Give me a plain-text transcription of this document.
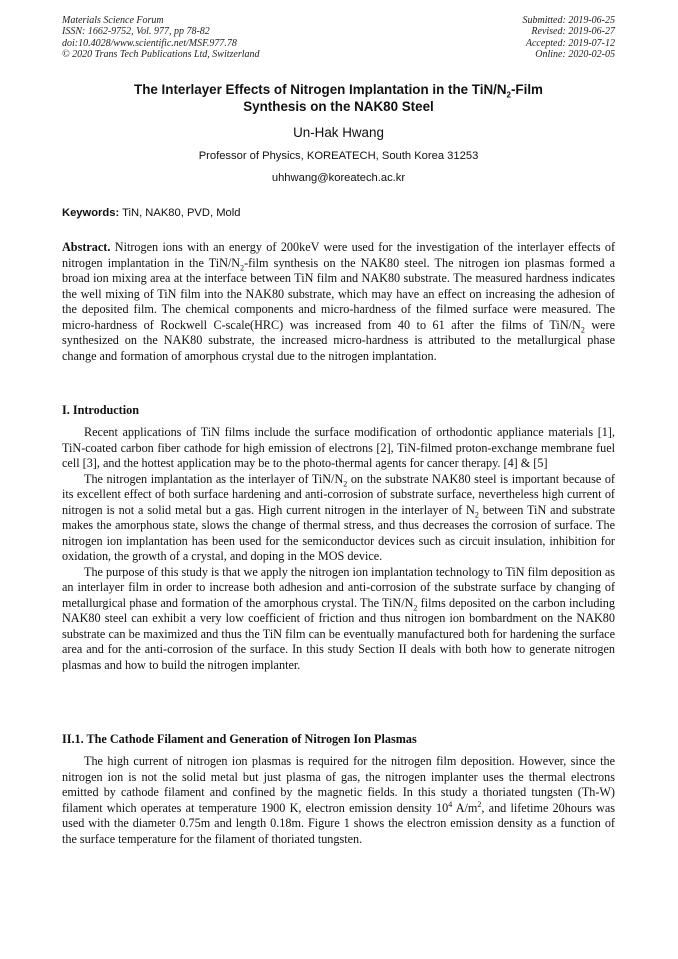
Materials Science Forum
ISSN: 1662-9752, Vol. 977, pp 78-82
doi:10.4028/www.scientific.net/MSF.977.78
© 2020 Trans Tech Publications Ltd, Switzerland
Submitted: 2019-06-25
Revised: 2019-06-27
Accepted: 2019-07-12
Online: 2020-02-05
The Interlayer Effects of Nitrogen Implantation in the TiN/$N_2$-Film
Synthesis on the NAK80 Steel
Un-Hak Hwang
Professor of Physics, KOREATECH, South Korea 31253
uhhwang@koreatech.ac.kr
Keywords: TiN, NAK80, PVD, Mold

Abstract. Nitrogen ions with an energy of 200keV were used for the investigation of the interlayer effects of nitrogen implantation in the TiN/$N_2$-film synthesis on the NAK80 steel. The nitrogen ion plasmas formed a broad ion mixing area at the interface between TiN film and NAK80 substrate. The measured hardness indicates the well mixing of TiN film into the NAK80 substrate, which may have an effect on increasing the adhesion of the deposited film. The chemical components and micro-hardness of the filmed surface were measured. The micro-hardness of Rockwell C-scale(HRC) was increased from 40 to 61 after the films of TiN/$N_2$ were synthesized on the NAK80 substrate, the increased micro-hardness is attributed to the metallurgical phase change and formation of amorphous crystal due to the nitrogen implantation.

I. Introduction

Recent applications of TiN films include the surface modification of orthodontic appliance materials [1], TiN-coated carbon fiber cathode for high emission of electrons [2], TiN-filmed proton-exchange membrane fuel cell [3], and the hottest application may be to the photo-thermal agents for cancer therapy. [4] & [5]

The nitrogen implantation as the interlayer of TiN/$N_2$ on the substrate NAK80 steel is important because of its excellent effect of both surface hardening and anti-corrosion of substrate surface, nevertheless high current of nitrogen is not a solid metal but a gas. High current nitrogen in the interlayer of $N_2$ between TiN and substrate makes the amorphous state, slows the change of thermal stress, and thus decreases the corrosion of surface. The nitrogen ion implantation has been used for the semiconductor devices such as circuit insulation, inhibition for oxidation, the growth of a crystal, and doping in the MOS device.

The purpose of this study is that we apply the nitrogen ion implantation technology to TiN film deposition as an interlayer film in order to increase both adhesion and anti-corrosion of the substrate surface by changing of metallurgical phase and formation of the amorphous crystal. The TiN/$N_2$ films deposited on the carbon including NAK80 steel can exhibit a very low coefficient of friction and thus nitrogen ion bombardment on the NAK80 substrate can be maximized and thus the TiN film can be eventually manufactured both for hardening the surface area and for the anti-corrosion of the surface. In this study Section II deals with both how to generate nitrogen plasmas and how to build the nitrogen implanter.

II.1. The Cathode Filament and Generation of Nitrogen Ion Plasmas

The high current of nitrogen ion plasmas is required for the nitrogen film deposition. However, since the nitrogen ion is not the solid metal but just plasma of gas, the nitrogen implanter uses the thermal electrons emitted by cathode filament and confined by the magnetic fields. In this study a thoriated tungsten (Th-W) filament which operates at temperature 1900 K, electron emission density $10^4$ $A/m^2$, and lifetime 20hours was used with the diameter 0.75m and length 0.18m. Figure 1 shows the electron emission density as a function of the surface temperature for the filament of thoriated tungsten.
